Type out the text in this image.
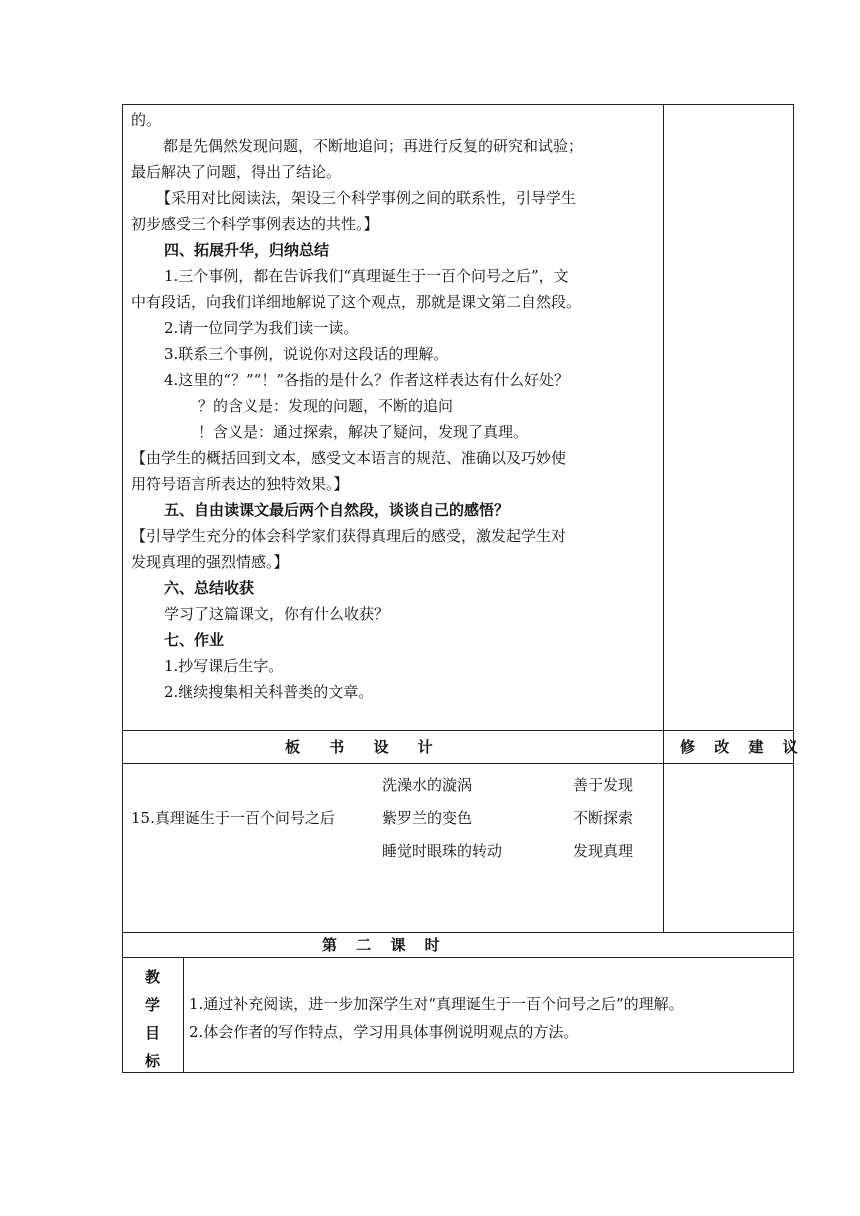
的。
都是先偶然发现问题，不断地追问；再进行反复的研究和试验；
最后解决了问题，得出了结论。
【采用对比阅读法，架设三个科学事例之间的联系性，引导学生
初步感受三个科学事例表达的共性。】
四、拓展升华，归纳总结
1.三个事例，都在告诉我们“真理诞生于一百个问号之后”，文
中有段话，向我们详细地解说了这个观点，那就是课文第二自然段。
2.请一位同学为我们读一读。
3.联系三个事例，说说你对这段话的理解。
4.这里的“？”“！”各指的是什么？作者这样表达有什么好处？
？的含义是：发现的问题，不断的追问
！含义是：通过探索，解决了疑问，发现了真理。
【由学生的概括回到文本，感受文本语言的规范、准确以及巧妙使
用符号语言所表达的独特效果。】
五、自由读课文最后两个自然段，谈谈自己的感悟？
【引导学生充分的体会科学家们获得真理后的感受，激发起学生对
发现真理的强烈情感。】
六、总结收获
学习了这篇课文，你有什么收获？
七、作业
1.抄写课后生字。
2.继续搜集相关科普类的文章。
板 书 设 计	修 改 建 议
15.真理诞生于一百个问号之后
洗澡水的漩涡
紫罗兰的变色
睡觉时眼珠的转动
善于发现
不断探索
发现真理
第 二 课 时
教
学
目
标
1.通过补充阅读，进一步加深学生对“真理诞生于一百个问号之后”的理解。
2.体会作者的写作特点，学习用具体事例说明观点的方法。
